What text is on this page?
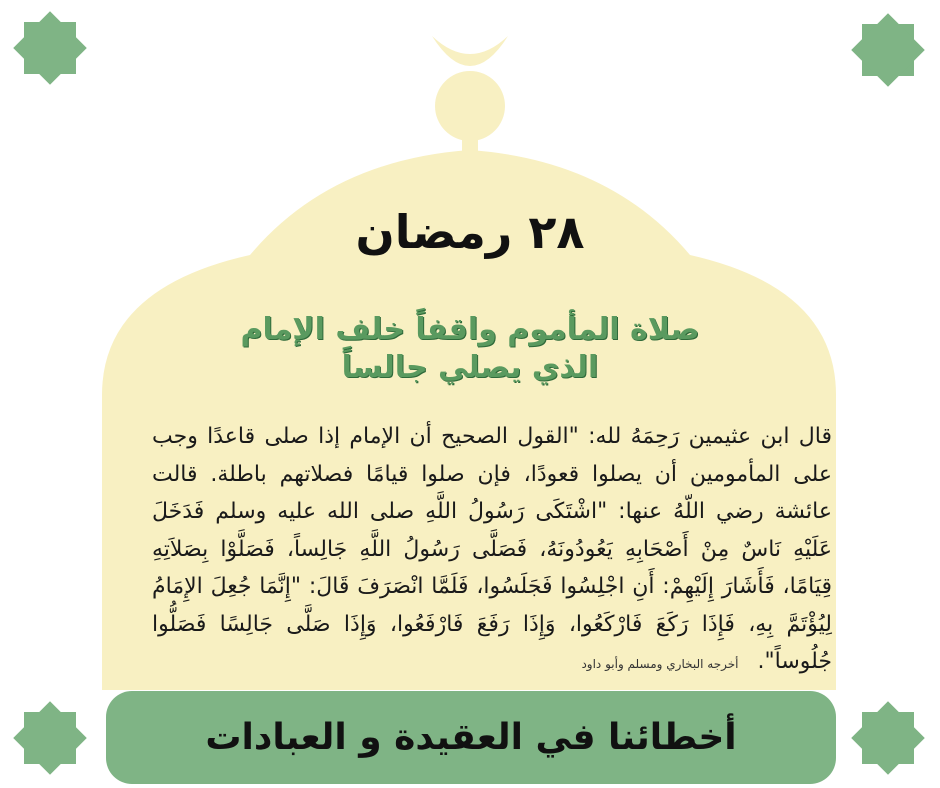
٢٨ رمضان
صلاة المأموم واقفاً خلف الإمام
الذي يصلي جالساً
قال ابن عثيمين رَحِمَهُ لله: "القول الصحيح أن الإمام إذا صلى قاعدًا وجب على المأمومين أن يصلوا قعودًا، فإن صلوا قيامًا فصلاتهم باطلة. قالت عائشة رضي اللّهُ عنها: "اشْتَكَى رَسُولُ اللَّهِ صلى الله عليه وسلم فَدَخَلَ عَلَيْهِ نَاسٌ مِنْ أَصْحَابِهِ يَعُودُونَهُ، فَصَلَّى رَسُولُ اللَّهِ جَالِساً، فَصَلَّوْا بِصَلاَتِهِ قِيَامًا، فَأَشَارَ إِلَيْهِمْ: أَنِ اجْلِسُوا فَجَلَسُوا، فَلَمَّا انْصَرَفَ قَالَ: "إِنَّمَا جُعِلَ الإِمَامُ لِيُؤْتَمَّ بِهِ، فَإِذَا رَكَعَ فَارْكَعُوا، وَإِذَا رَفَعَ فَارْفَعُوا، وَإِذَا صَلَّى جَالِسًا فَصَلُّوا جُلُوساً". أخرجه البخاري ومسلم وأبو داود
أخطائنا في العقيدة و العبادات
